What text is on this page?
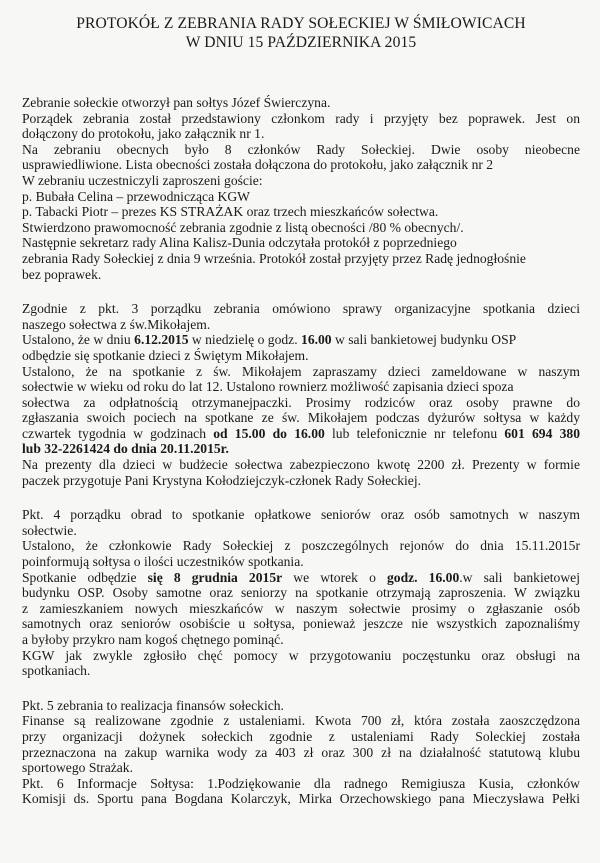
PROTOKÓŁ Z ZEBRANIA RADY SOŁECKIEJ W ŚMIŁOWICACH
W DNIU 15 PAŹDZIERNIKA 2015
Zebranie sołeckie otworzył pan sołtys Józef Świerczyna.
Porządek zebrania został przedstawiony członkom rady i przyjęty bez poprawek. Jest on
dołączony do protokołu, jako załącznik nr 1.
Na zebraniu obecnych było 8 członków Rady Sołeckiej. Dwie osoby nieobecne
usprawiedliwione. Lista obecności została dołączona do protokołu, jako załącznik nr 2
W zebraniu uczestniczyli zaproszeni goście:
p. Bubała Celina – przewodnicząca KGW
p. Tabacki Piotr – prezes KS STRAŻAK oraz trzech mieszkańców sołectwa.
Stwierdzono prawomocność zebrania zgodnie z listą obecności /80 % obecnych/.
Następnie sekretarz rady Alina Kalisz-Dunia odczytała protokół z poprzedniego
zebrania Rady Sołeckiej z dnia 9 września. Protokół został przyjęty przez Radę jednogłośnie
bez poprawek.
Zgodnie z pkt. 3 porządku zebrania omówiono sprawy organizacyjne spotkania dzieci
naszego sołectwa z św.Mikołajem.
Ustalono, że w dniu 6.12.2015 w niedzielę o godz. 16.00 w sali bankietowej budynku OSP
odbędzie się spotkanie dzieci z Świętym Mikołajem.
Ustalono, że na spotkanie z św. Mikołajem zapraszamy dzieci zameldowane w naszym
sołectwie w wieku od roku do lat 12. Ustalono rownierz możliwość zapisania dzieci spoza
sołectwa za odpłatnością otrzymanejpaczki. Prosimy rodziców oraz osoby prawne do
zgłaszania swoich pociech na spotkane ze św. Mikołajem podczas dyżurów sołtysa w każdy
czwartek tygodnia w godzinach od 15.00 do 16.00 lub telefonicznie nr telefonu 601 694 380
lub 32-2261424 do dnia 20.11.2015r.
Na prezenty dla dzieci w budżecie sołectwa zabezpieczono kwotę 2200 zł. Prezenty w formie
paczek przygotuje Pani Krystyna Kołodziejczyk-członek Rady Sołeckiej.
Pkt. 4 porządku obrad to spotkanie opłatkowe seniorów oraz osób samotnych w naszym
sołectwie.
Ustalono, że członkowie Rady Sołeckiej z poszczególnych rejonów do dnia 15.11.2015r
poinformują sołtysa o ilości uczestników spotkania.
Spotkanie odbędzie się 8 grudnia 2015r we wtorek o godz. 16.00.w sali bankietowej
budynku OSP. Osoby samotne oraz seniorzy na spotkanie otrzymają zaproszenia. W związku
z zamieszkaniem nowych mieszkańców w naszym sołectwie prosimy o zgłaszanie osób
samotnych oraz seniorów osobiście u sołtysa, ponieważ jeszcze nie wszystkich zapoznaliśmy
a byłoby przykro nam kogoś chętnego pominąć.
KGW jak zwykle zgłosiło chęć pomocy w przygotowaniu poczęstunku oraz obsługi na
spotkaniach.
Pkt. 5 zebrania to realizacja finansów sołeckich.
Finanse są realizowane zgodnie z ustaleniami. Kwota 700 zł, która została zaoszczędzona
przy organizacji dożynek sołeckich zgodnie z ustaleniami Rady Soleckiej została
przeznaczona na zakup warnika wody za 403 zł oraz 300 zł na działalność statutową klubu
sportowego Strażak.
Pkt. 6 Informacje Sołtysa: 1.Podziękowanie dla radnego Remigiusza Kusia, członków
Komisji ds. Sportu pana Bogdana Kolarczyk, Mirka Orzechowskiego pana Mieczysława Pełki
